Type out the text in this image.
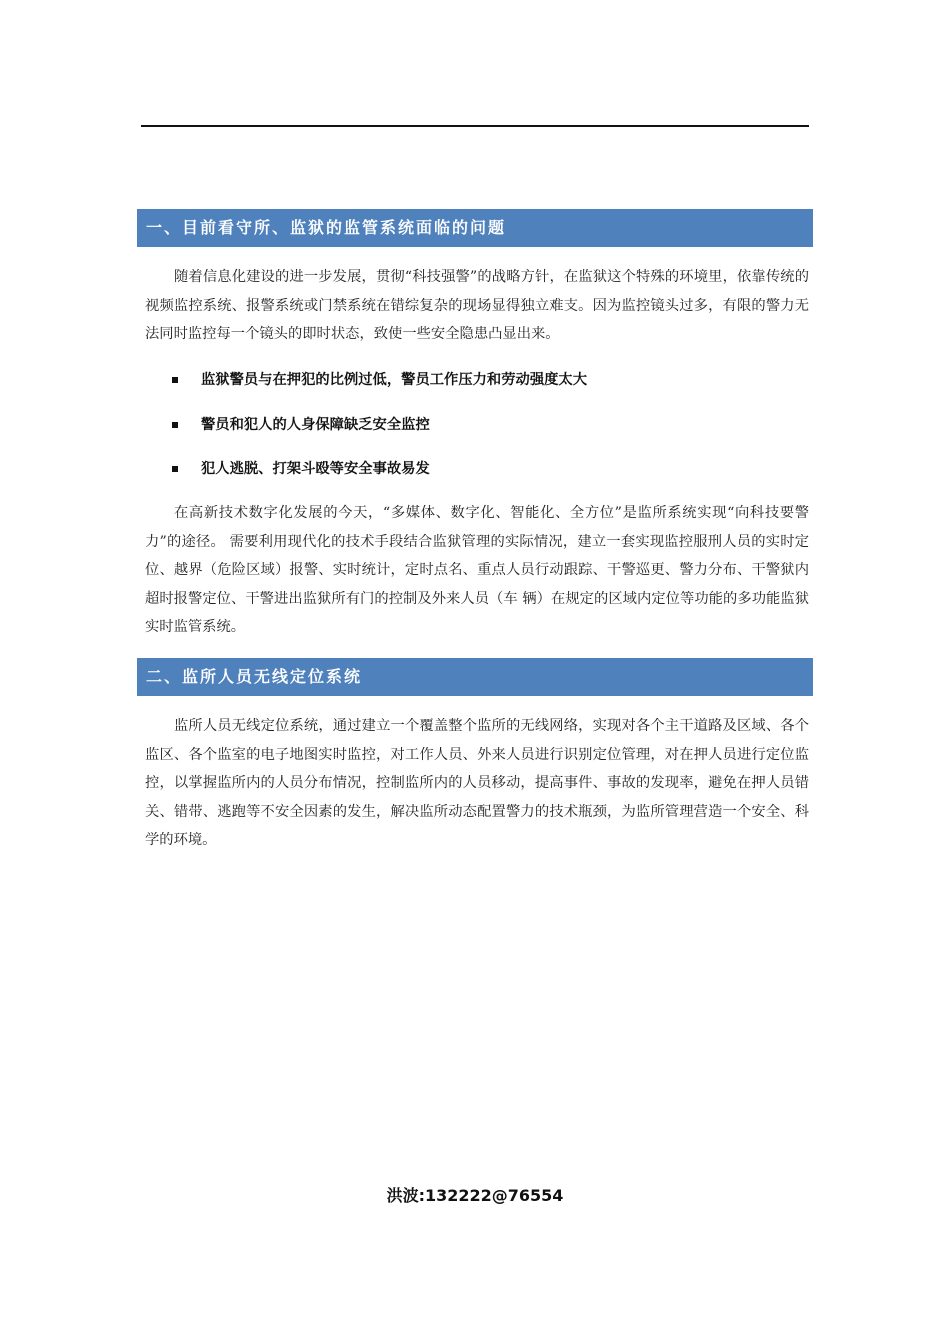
一、目前看守所、监狱的监管系统面临的问题

随着信息化建设的进一步发展，贯彻“科技强警”的战略方针，在监狱这个特殊的环境里，依靠传统的视频监控系统、报警系统或门禁系统在错综复杂的现场显得独立难支。因为监控镜头过多，有限的警力无法同时监控每一个镜头的即时状态，致使一些安全隐患凸显出来。

监狱警员与在押犯的比例过低，警员工作压力和劳动强度太大
警员和犯人的人身保障缺乏安全监控
犯人逃脱、打架斗殴等安全事故易发

在高新技术数字化发展的今天，“多媒体、数字化、智能化、全方位”是监所系统实现“向科技要警力”的途径。 需要利用现代化的技术手段结合监狱管理的实际情况，建立一套实现监控服刑人员的实时定位、越界（危险区域）报警、实时统计，定时点名、重点人员行动跟踪、干警巡更、警力分布、干警狱内超时报警定位、干警进出监狱所有门的控制及外来人员（车 辆）在规定的区域内定位等功能的多功能监狱实时监管系统。

二、监所人员无线定位系统

监所人员无线定位系统，通过建立一个覆盖整个监所的无线网络，实现对各个主干道路及区域、各个监区、各个监室的电子地图实时监控，对工作人员、外来人员进行识别定位管理，对在押人员进行定位监控，以掌握监所内的人员分布情况，控制监所内的人员移动，提高事件、事故的发现率，避免在押人员错关、错带、逃跑等不安全因素的发生，解决监所动态配置警力的技术瓶颈，为监所管理营造一个安全、科学的环境。

洪波:132222@76554
